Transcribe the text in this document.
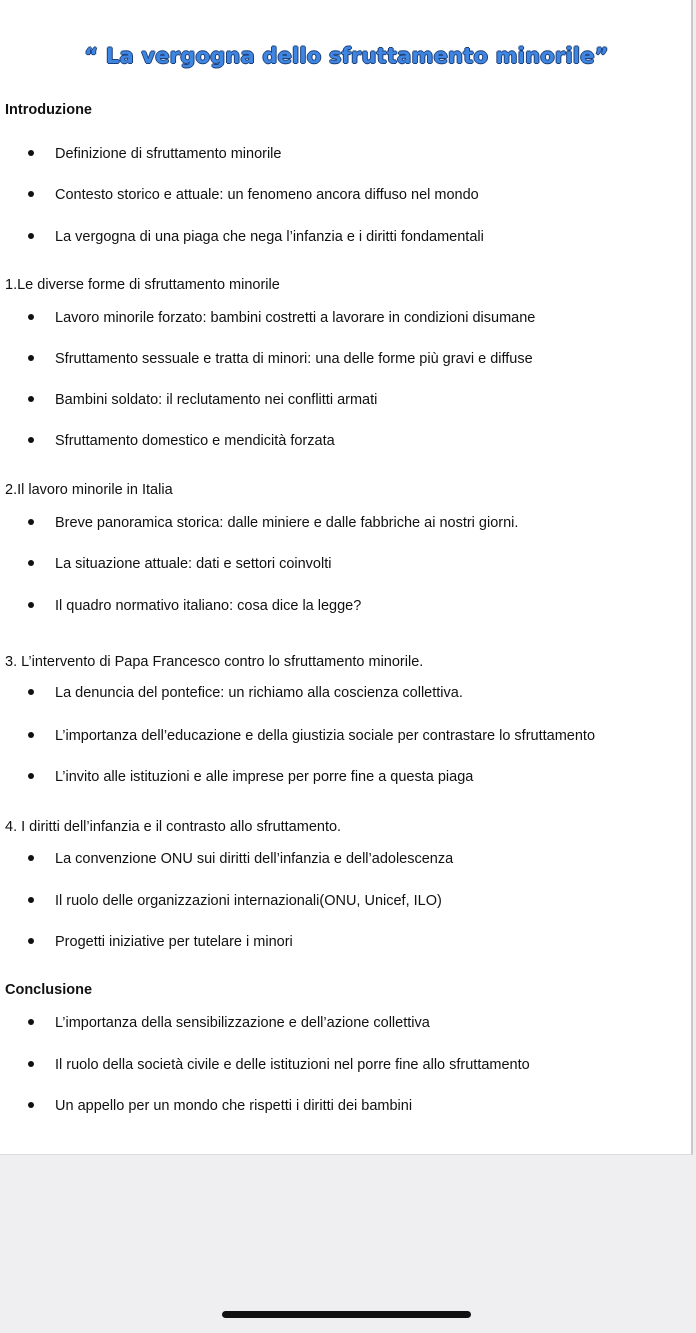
“ La vergogna dello sfruttamento minorile”
Introduzione
Definizione di sfruttamento minorile
Contesto storico e attuale: un fenomeno ancora diffuso nel mondo
La vergogna di una piaga che nega l’infanzia e i diritti fondamentali
1.Le diverse forme di sfruttamento minorile
Lavoro minorile forzato: bambini costretti a lavorare in condizioni disumane
Sfruttamento sessuale e tratta di minori: una delle forme più gravi e diffuse
Bambini soldato: il reclutamento nei conflitti armati
Sfruttamento domestico e mendicità forzata
2.Il lavoro minorile in Italia
Breve panoramica storica: dalle miniere e dalle fabbriche ai nostri giorni.
La situazione attuale: dati e settori coinvolti
Il quadro normativo italiano: cosa dice la legge?
3. L’intervento di Papa Francesco contro lo sfruttamento minorile.
La denuncia del pontefice: un richiamo alla coscienza collettiva.
L’importanza dell’educazione e della giustizia sociale per contrastare lo sfruttamento
L’invito alle istituzioni e alle imprese per porre fine a questa piaga
4. I diritti dell’infanzia e il contrasto allo sfruttamento.
La convenzione ONU sui diritti dell’infanzia e dell’adolescenza
Il ruolo delle organizzazioni internazionali(ONU, Unicef, ILO)
Progetti iniziative per tutelare i minori
Conclusione
L’importanza della sensibilizzazione e dell’azione collettiva
Il ruolo della società civile e delle istituzioni nel porre fine allo sfruttamento
Un appello per un mondo che rispetti i diritti dei bambini
